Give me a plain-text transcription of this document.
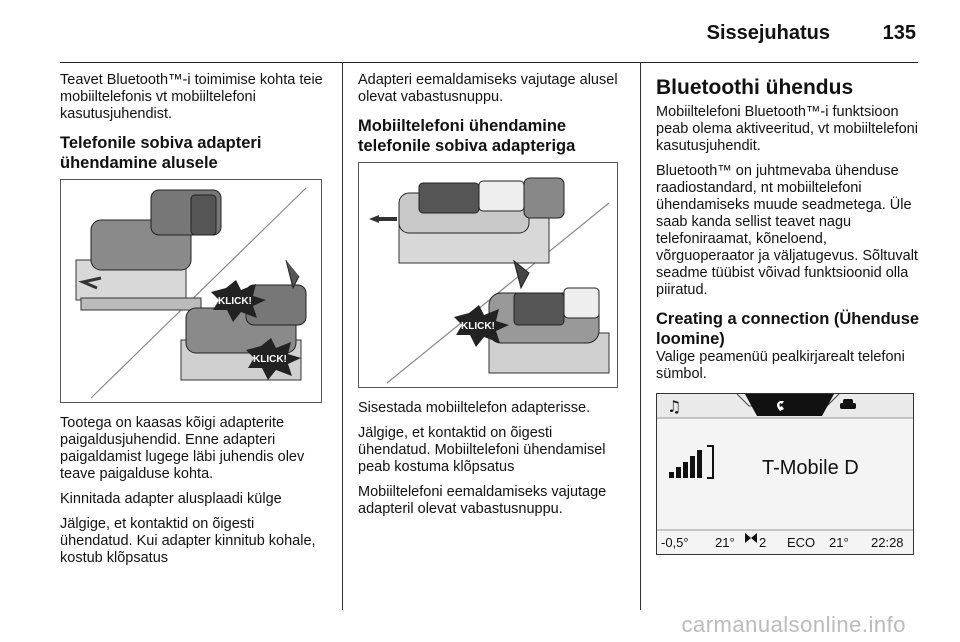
Sissejuhatus	135

Teavet Bluetooth™-i toimimise kohta teie mobiiltelefonis vt mobiiltelefoni kasutusjuhendist.

Telefonile sobiva adapteri ühendamine alusele
KLICK!
KLICK!

Tootega on kaasas kõigi adapterite paigaldusjuhendid. Enne adapteri paigaldamist lugege läbi juhendis olev teave paigalduse kohta.

Kinnitada adapter alusplaadi külge

Jälgige, et kontaktid on õigesti ühendatud. Kui adapter kinnitub kohale, kostub klõpsatus

Adapteri eemaldamiseks vajutage alusel olevat vabastusnuppu.

Mobiiltelefoni ühendamine telefonile sobiva adapteriga
KLICK!

Sisestada mobiiltelefon adapterisse.

Jälgige, et kontaktid on õigesti ühendatud. Mobiiltelefoni ühendamisel peab kostuma klõpsatus

Mobiiltelefoni eemaldamiseks vajutage adapteril olevat vabastusnuppu.

Bluetoothi ühendus

Mobiiltelefoni Bluetooth™-i funktsioon peab olema aktiveeritud, vt mobiiltelefoni kasutusjuhendit.

Bluetooth™ on juhtmevaba ühenduse raadiostandard, nt mobiiltelefoni ühendamiseks muude seadmetega. Üle saab kanda sellist teavet nagu telefoniraamat, kõneloend, võrguoperaator ja väljatugevus. Sõltuvalt seadme tüübist võivad funktsioonid olla piiratud.

Creating a connection (Ühenduse loomine)

Valige peamenüü pealkirjarealt telefoni sümbol.

♫
T-Mobile D
-0,5° 21° 2 ECO 21° 22:28
carmanualsonline.info
